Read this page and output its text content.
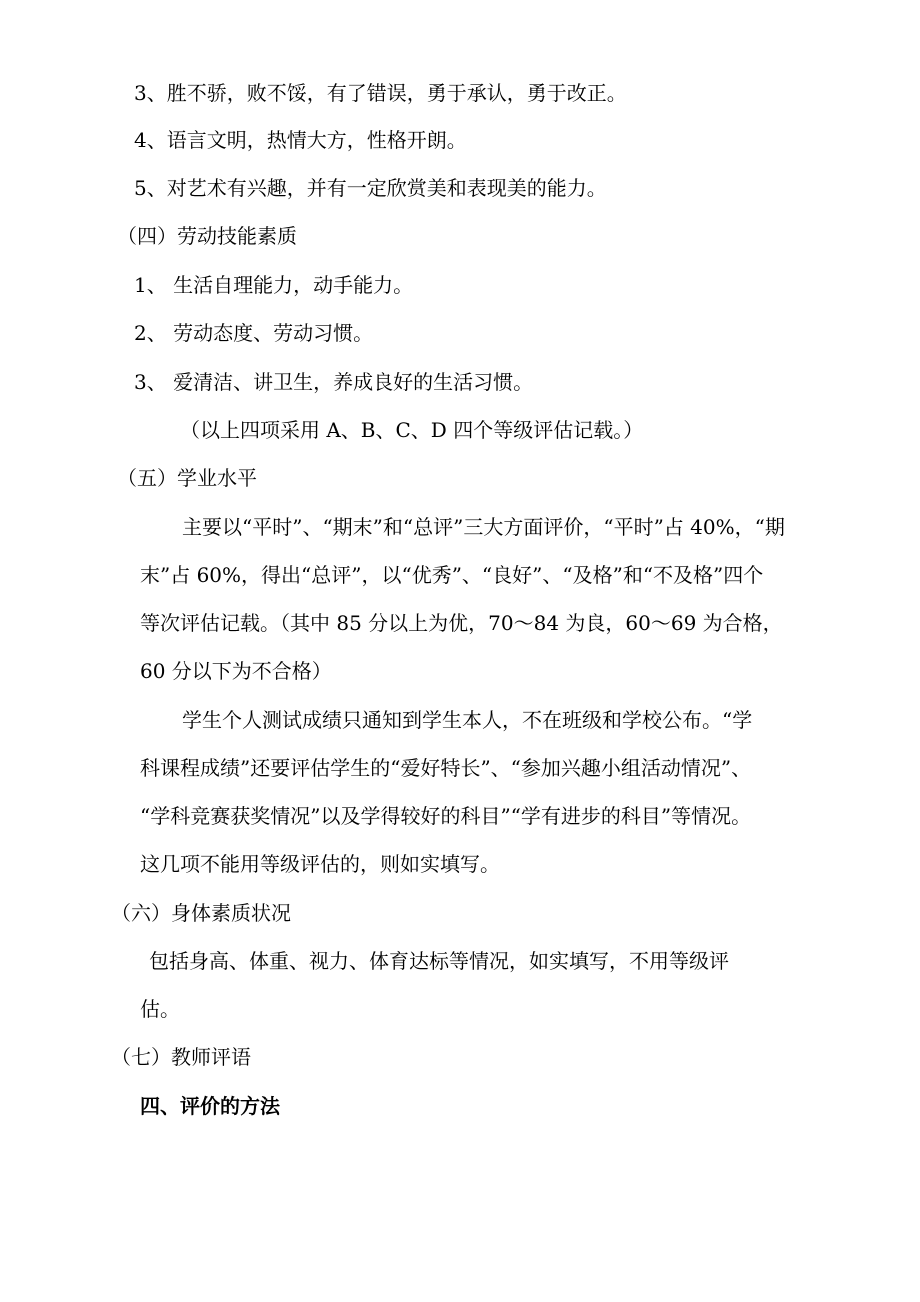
3、胜不骄，败不馁，有了错误，勇于承认，勇于改正。

4、语言文明，热情大方，性格开朗。

5、对艺术有兴趣，并有一定欣赏美和表现美的能力。

（四）劳动技能素质

1、 生活自理能力，动手能力。

2、 劳动态度、劳动习惯。

3、 爱清洁、讲卫生，养成良好的生活习惯。

（以上四项采用 A、B、C、D 四个等级评估记载。）

（五）学业水平

主要以“平时”、“期末”和“总评”三大方面评价，“平时”占 40%，“期

末”占 60%，得出“总评”，以“优秀”、“良好”、“及格”和“不及格”四个

等次评估记载。（其中 85 分以上为优，70～84 为良，60～69 为合格，

60 分以下为不合格）

学生个人测试成绩只通知到学生本人，不在班级和学校公布。“学

科课程成绩”还要评估学生的“爱好特长”、“参加兴趣小组活动情况”、

“学科竞赛获奖情况”以及学得较好的科目”“学有进步的科目”等情况。

这几项不能用等级评估的，则如实填写。

（六）身体素质状况

包括身高、体重、视力、体育达标等情况，如实填写，不用等级评

估。

（七）教师评语

四、评价的方法
